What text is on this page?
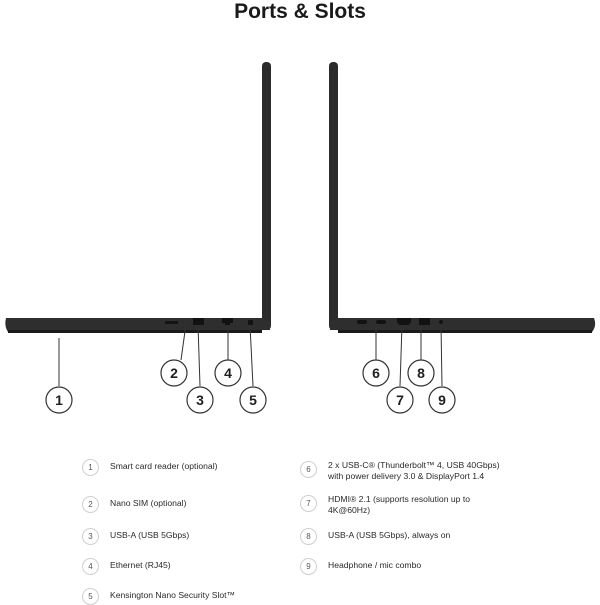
Ports & Slots
1
2
3
4
5
6
7
8
9
1	Smart card reader (optional)
2	Nano SIM (optional)
3	USB-A (USB 5Gbps)
4	Ethernet (RJ45)
5	Kensington Nano Security Slot™
6	2 x USB-C® (Thunderbolt™ 4, USB 40Gbps)
with power delivery 3.0 & DisplayPort 1.4
7	HDMI® 2.1 (supports resolution up to
4K@60Hz)
8	USB-A (USB 5Gbps), always on
9	Headphone / mic combo
